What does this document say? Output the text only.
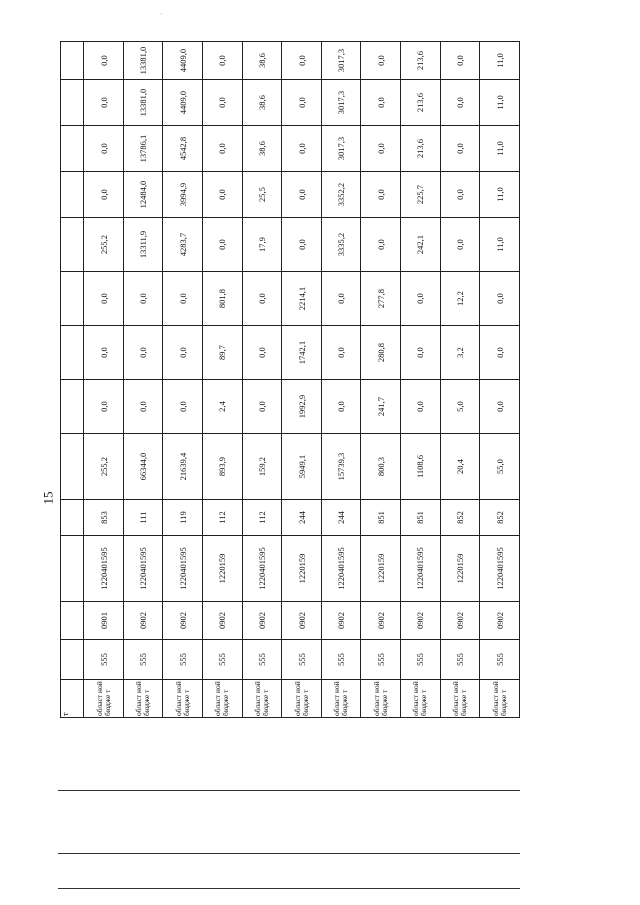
·
15
т													
област ной бюдже т	555	0901	1220401595	853	255,2	0,0	0,0	0,0	255,2	0,0	0,0	0,0	0,0
област ной бюдже т	555	0902	1220401595	111	66344,0	0,0	0,0	0,0	13311,9	12484,0	13786,1	13381,0	13381,0
област ной бюдже т	555	0902	1220401595	119	21639,4	0,0	0,0	0,0	4283,7	3994,9	4542,8	4409,0	4409,0
област ной бюдже т	555	0902	1220159	112	893,9	2,4	89,7	801,8	0,0	0,0	0,0	0,0	0,0
област ной бюдже т	555	0902	1220401595	112	159,2	0,0	0,0	0,0	17,9	25,5	38,6	38,6	38,6
област ной бюдже т	555	0902	1220159	244	5949,1	1992,9	1742,1	2214,1	0,0	0,0	0,0	0,0	0,0
област ной бюдже т	555	0902	1220401595	244	15739,3	0,0	0,0	0,0	3335,2	3352,2	3017,3	3017,3	3017,3
област ной бюдже т	555	0902	1220159	851	800,3	241,7	280,8	277,8	0,0	0,0	0,0	0,0	0,0
област ной бюдже т	555	0902	1220401595	851	1108,6	0,0	0,0	0,0	242,1	225,7	213,6	213,6	213,6
област ной бюдже т	555	0902	1220159	852	20,4	5,0	3,2	12,2	0,0	0,0	0,0	0,0	0,0
област ной бюдже т	555	0902	1220401595	852	55,0	0,0	0,0	0,0	11,0	11,0	11,0	11,0	11,0
